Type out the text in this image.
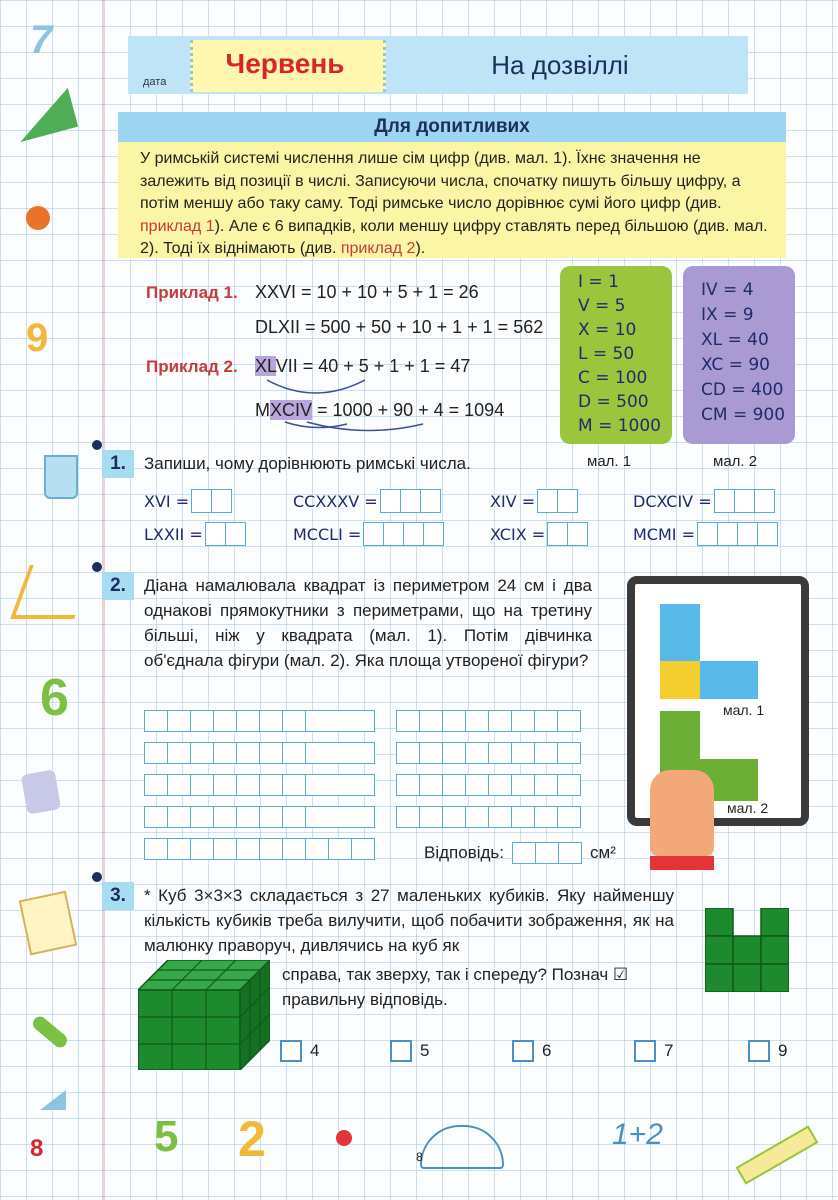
7
9
6
дата
Червень	На дозвіллі
Для допитливих
У римській системі числення лише сім цифр (див. мал. 1). Їхнє значення не залежить від позиції в числі. Записуючи числа, спочатку пишуть більшу цифру, а потім меншу або таку саму. Тоді римське число дорівнює сумі його цифр (див. приклад 1). Але є 6 випадків, коли меншу цифру ставлять перед більшою (див. мал. 2). Тоді їх віднімають (див. приклад 2).
Приклад 1. XXVI = 10 + 10 + 5 + 1 = 26
DLXII = 500 + 50 + 10 + 1 + 1 = 562
Приклад 2. XLVII = 40 + 5 + 1 + 1 = 47
MXCIV = 1000 + 90 + 4 = 1094
I = 1
V = 5
X = 10
L = 50
C = 100
D = 500
M = 1000
IV = 4
IX = 9
XL = 40
XC = 90
CD = 400
CM = 900
мал. 1	мал. 2
1.	Запиши, чому дорівнюють римські числа.
XVI =	CCXXXV =	XIV =	DCXCIV =
LXXII =	MCCLI =	XCIX =	MCMI =
2.	Діана намалювала квадрат із периметром 24 см і два однакові прямокутники з периметрами, що на третину більші, ніж у квадрата (мал. 1). Потім дівчинка об'єднала фігури (мал. 2). Яка площа утвореної фігури?
Відповідь:	см²
мал. 1
мал. 2
3.	* Куб 3×3×3 складається з 27 маленьких кубиків. Яку найменшу кількість кубиків треба вилучити, щоб побачити зображення, як на малюнку праворуч, дивлячись на куб як
справа, так зверху, так і спереду? Познач ☑ правильну відповідь.
4	5	6	7	9
5 2	8
1+2
8
